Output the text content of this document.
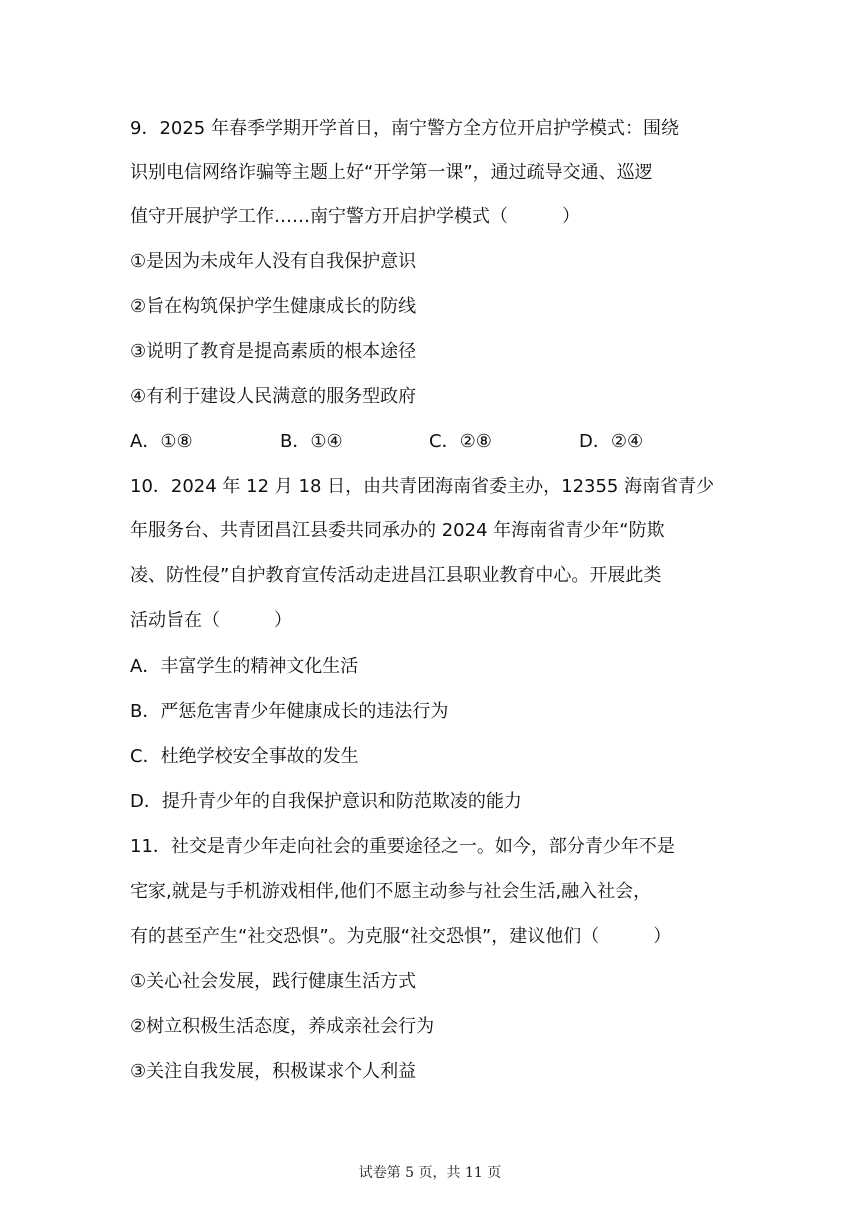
9．2025 年春季学期开学首日，南宁警方全方位开启护学模式：围绕
识别电信网络诈骗等主题上好“开学第一课”，通过疏导交通、巡逻
值守开展护学工作……南宁警方开启护学模式（　　　）
①是因为未成年人没有自我保护意识
②旨在构筑保护学生健康成长的防线
③说明了教育是提高素质的根本途径
④有利于建设人民满意的服务型政府
A．①⑧	B．①④	C．②⑧	D．②④
10．2024 年 12 月 18 日，由共青团海南省委主办，12355 海南省青少
年服务台、共青团昌江县委共同承办的 2024 年海南省青少年“防欺
凌、防性侵”自护教育宣传活动走进昌江县职业教育中心。开展此类
活动旨在（　　　）
A．丰富学生的精神文化生活
B．严惩危害青少年健康成长的违法行为
C．杜绝学校安全事故的发生
D．提升青少年的自我保护意识和防范欺凌的能力
11．社交是青少年走向社会的重要途径之一。如今，部分青少年不是
宅家,就是与手机游戏相伴,他们不愿主动参与社会生活,融入社会，
有的甚至产生“社交恐惧”。为克服“社交恐惧”，建议他们（　　　）
①关心社会发展，践行健康生活方式
②树立积极生活态度，养成亲社会行为
③关注自我发展，积极谋求个人利益
试卷第 5 页，共 11 页
